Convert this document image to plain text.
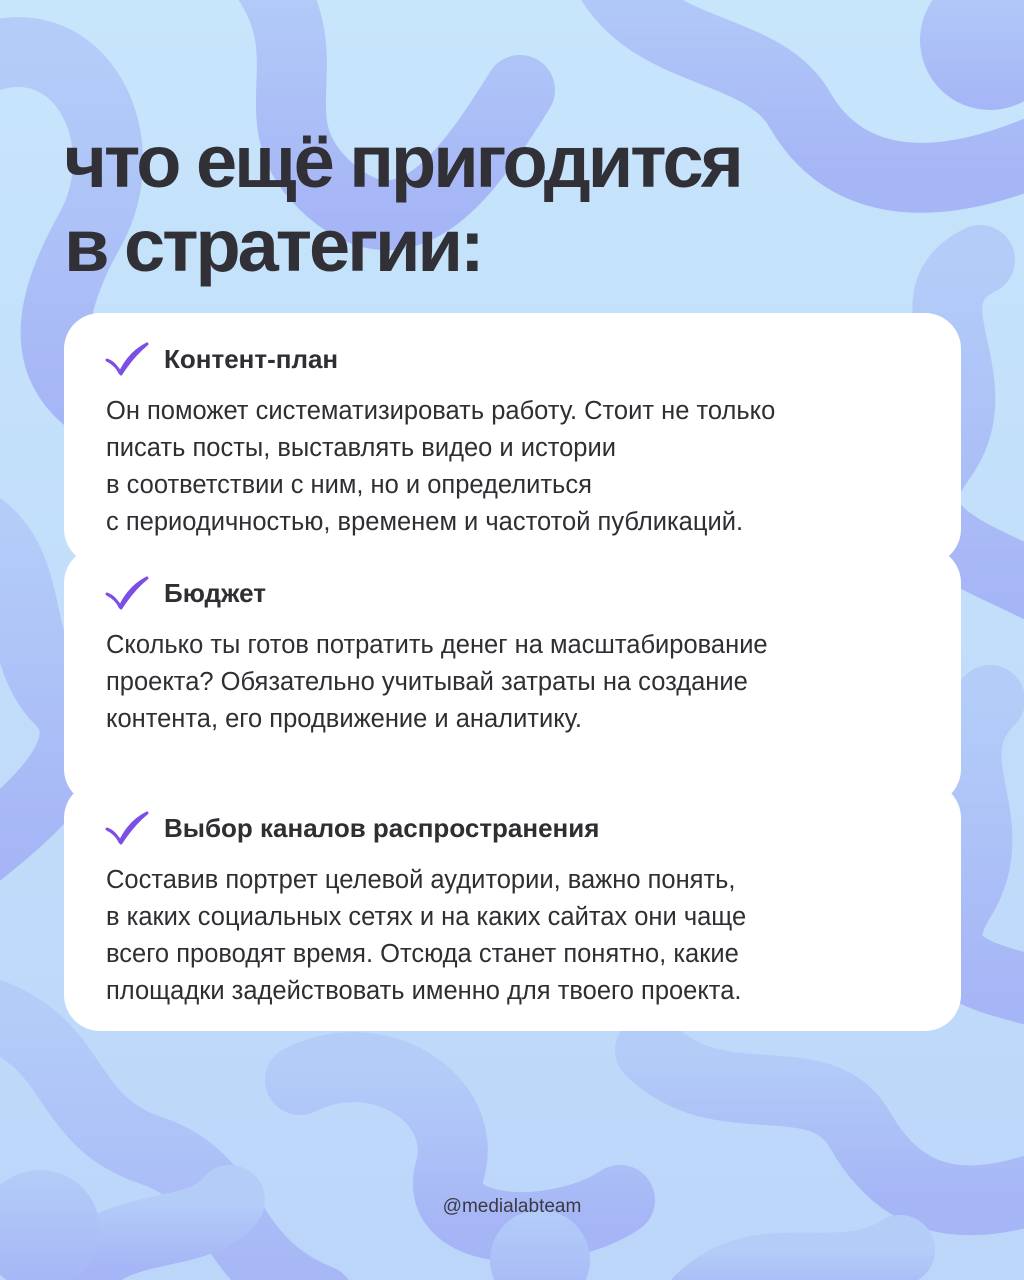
что ещё пригодится
в стратегии:
Контент-план

Он поможет систематизировать работу. Стоит не только
писать посты, выставлять видео и истории
в соответствии с ним, но и определиться
с периодичностью, временем и частотой публикаций.

Бюджет

Сколько ты готов потратить денег на масштабирование
проекта? Обязательно учитывай затраты на создание
контента, его продвижение и аналитику.

Выбор каналов распространения

Составив портрет целевой аудитории, важно понять,
в каких социальных сетях и на каких сайтах они чаще
всего проводят время. Отсюда станет понятно, какие
площадки задействовать именно для твоего проекта.

@medialabteam
